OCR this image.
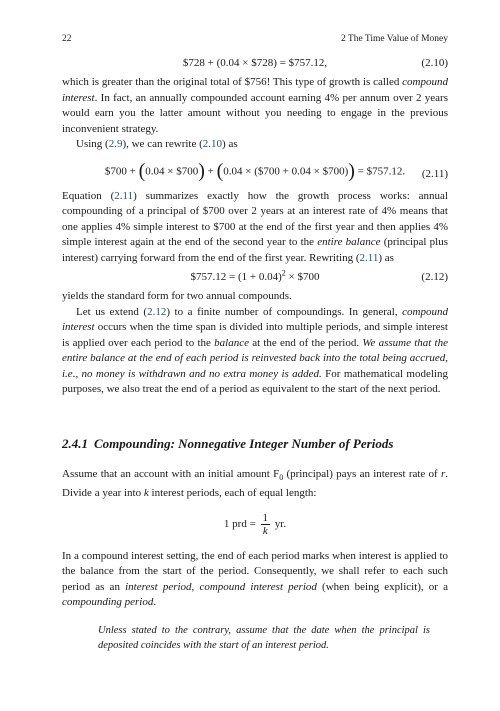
22	2 The Time Value of Money
$728 + (0.04 × $728) = $757.12,	(2.10)

which is greater than the original total of $756! This type of growth is called compound interest. In fact, an annually compounded account earning 4% per annum over 2 years would earn you the latter amount without you needing to engage in the previous inconvenient strategy.

Using (2.9), we can rewrite (2.10) as

$700 + (0.04 × $700) + (0.04 × ($700 + 0.04 × $700)) = $757.12. (2.11)

Equation (2.11) summarizes exactly how the growth process works: annual compounding of a principal of $700 over 2 years at an interest rate of 4% means that one applies 4% simple interest to $700 at the end of the first year and then applies 4% simple interest again at the end of the second year to the entire balance (principal plus interest) carrying forward from the end of the first year. Rewriting (2.11) as

$757.12 = $(1 + 0.04)^2$ × $700	(2.12)

yields the standard form for two annual compounds.

Let us extend (2.12) to a finite number of compoundings. In general, compound interest occurs when the time span is divided into multiple periods, and simple interest is applied over each period to the balance at the end of the period. We assume that the entire balance at the end of each period is reinvested back into the total being accrued, i.e., no money is withdrawn and no extra money is added. For mathematical modeling purposes, we also treat the end of a period as equivalent to the start of the next period.

2.4.1 Compounding: Nonnegative Integer Number of Periods

Assume that an account with an initial amount $F_0$ (principal) pays an interest rate of r. Divide a year into k interest periods, each of equal length:

1 prd = $\frac{1}{k}$ yr.

In a compound interest setting, the end of each period marks when interest is applied to the balance from the start of the period. Consequently, we shall refer to each such period as an interest period, compound interest period (when being explicit), or a compounding period.

Unless stated to the contrary, assume that the date when the principal is deposited coincides with the start of an interest period.
